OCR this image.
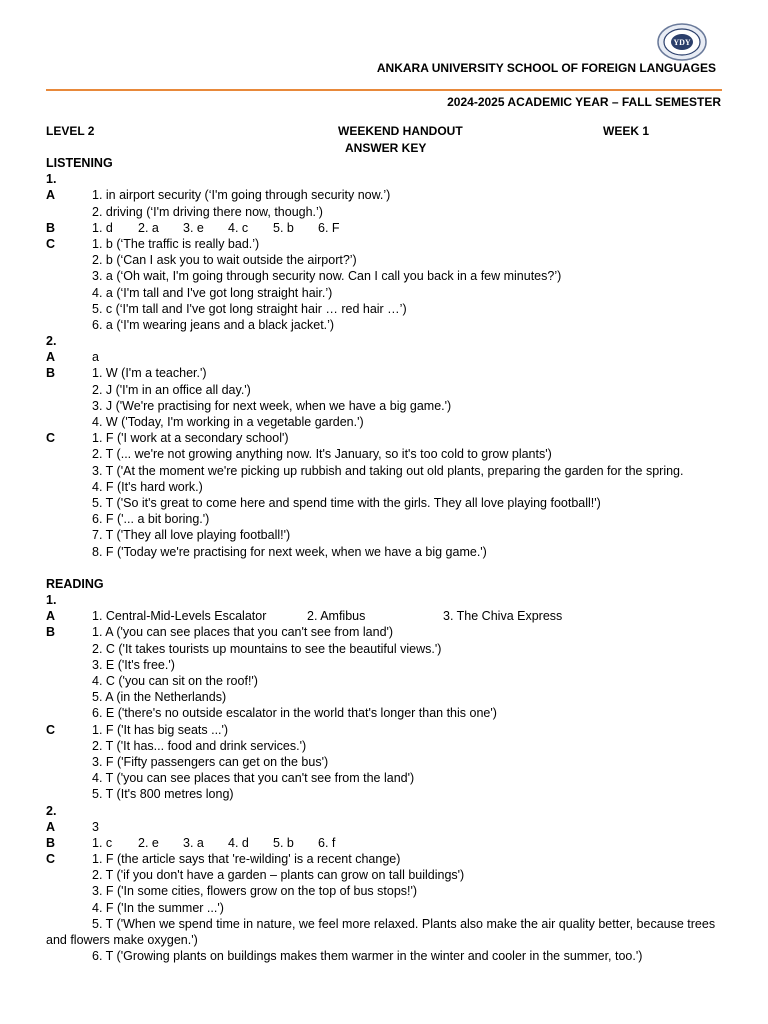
YDY
ANKARA UNIVERSITY SCHOOL OF FOREIGN LANGUAGES
2024-2025 ACADEMIC YEAR – FALL SEMESTER
LEVEL 2	WEEKEND HANDOUT
ANSWER KEY
WEEK 1
LISTENING
1.
A	1. in airport security (‘I'm going through security now.’)
2. driving (‘I'm driving there now, though.’)
B	1. d 2. a 3. e 4. c 5. b 6. F
C	1. b (‘The traffic is really bad.’)
2. b (‘Can I ask you to wait outside the airport?’)
3. a (‘Oh wait, I'm going through security now. Can I call you back in a few minutes?’)
4. a (‘I'm tall and I've got long straight hair.’)
5. c (‘I'm tall and I've got long straight hair … red hair …’)
6. a (‘I'm wearing jeans and a black jacket.’)
2.
A	a
B	1. W (I'm a teacher.')
2. J ('I'm in an office all day.')
3. J ('We're practising for next week, when we have a big game.')
4. W ('Today, I'm working in a vegetable garden.')
C	1. F ('I work at a secondary school')
2. T (... we're not growing anything now. It's January, so it's too cold to grow plants')
3. T ('At the moment we're picking up rubbish and taking out old plants, preparing the garden for the spring.
4. F (It's hard work.)
5. T ('So it's great to come here and spend time with the girls. They all love playing football!')
6. F ('... a bit boring.')
7. T ('They all love playing football!')
8. F ('Today we're practising for next week, when we have a big game.')
READING
1.
A	1. Central-Mid-Levels Escalator	2. Amfibus	3. The Chiva Express
B	1. A ('you can see places that you can't see from land')
2. C ('It takes tourists up mountains to see the beautiful views.')
3. E ('It's free.')
4. C ('you can sit on the roof!')
5. A (in the Netherlands)
6. E ('there's no outside escalator in the world that's longer than this one')
C	1. F ('It has big seats ...')
2. T ('It has... food and drink services.')
3. F ('Fifty passengers can get on the bus')
4. T ('you can see places that you can't see from the land')
5. T (It's 800 metres long)
2.
A	3
B	1. c 2. e 3. a 4. d 5. b 6. f
C	1. F (the article says that 're-wilding' is a recent change)
2. T ('if you don't have a garden – plants can grow on tall buildings')
3. F ('In some cities, flowers grow on the top of bus stops!')
4. F ('In the summer ...')
5. T ('When we spend time in nature, we feel more relaxed. Plants also make the air quality better, because trees and flowers make oxygen.')
6. T ('Growing plants on buildings makes them warmer in the winter and cooler in the summer, too.')
